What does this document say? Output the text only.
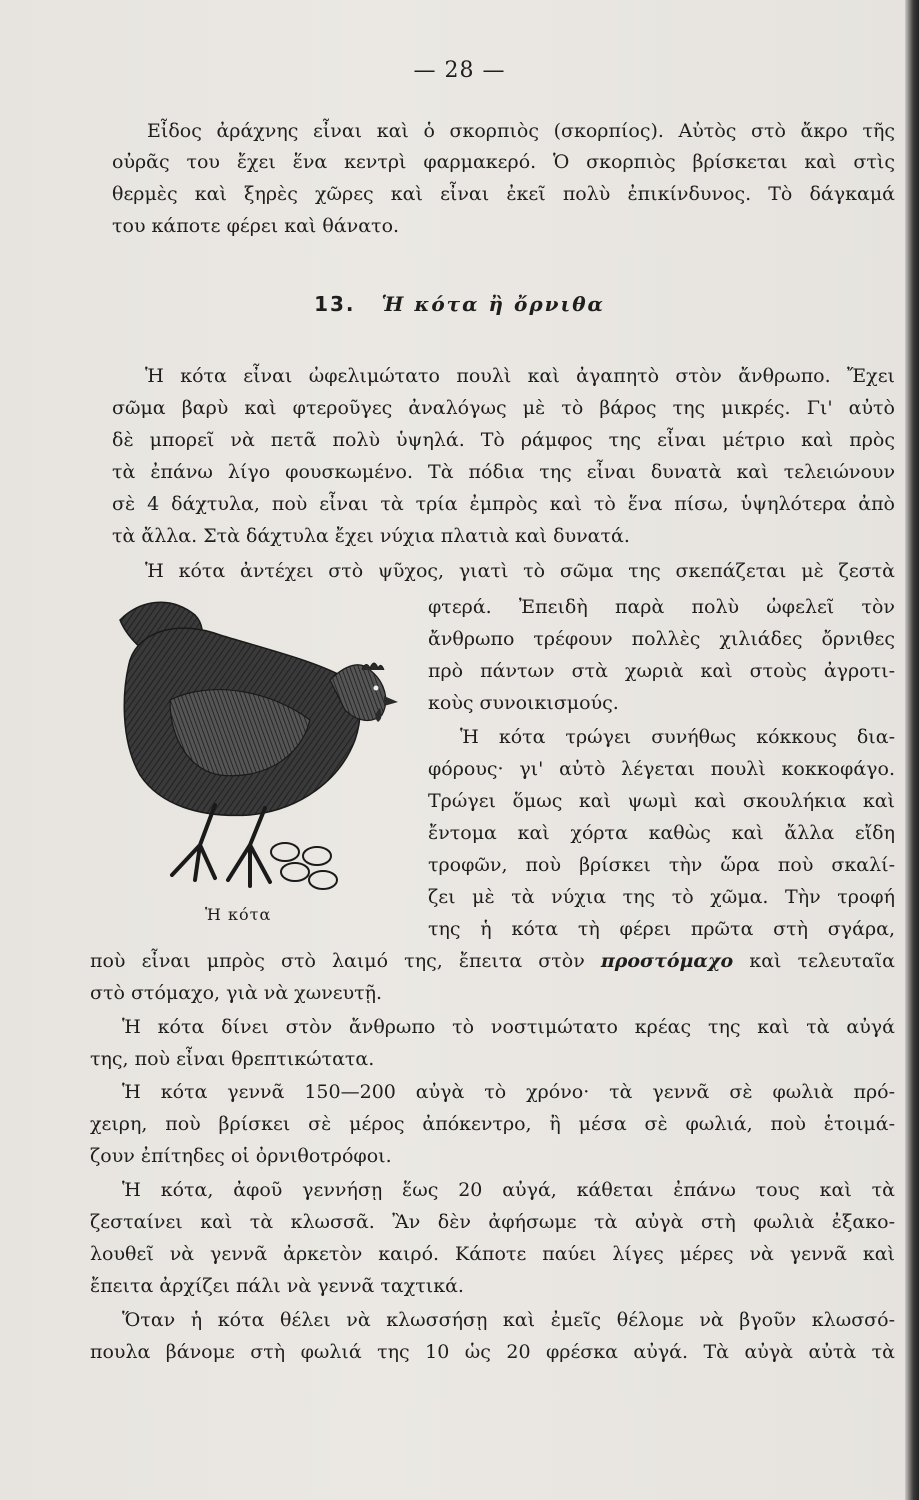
— 28 —
Εἶδος ἀράχνης εἶναι καὶ ὁ σκορπιὸς (σκορπίος). Αὐτὸς στὸ ἄκρο τῆς
οὐρᾶς του ἔχει ἕνα κεντρὶ φαρμακερό. Ὁ σκορπιὸς βρίσκεται καὶ στὶς
θερμὲς καὶ ξηρὲς χῶρες καὶ εἶναι ἐκεῖ πολὺ ἐπικίνδυνος. Τὸ δάγκαμά
του κάποτε φέρει καὶ θάνατο.
13. Ἡ κότα ἢ ὄρνιθα
Ἡ κότα εἶναι ὠφελιμώτατο πουλὶ καὶ ἀγαπητὸ στὸν ἄνθρωπο. Ἔχει
σῶμα βαρὺ καὶ φτεροῦγες ἀναλόγως μὲ τὸ βάρος της μικρές. Γι' αὐτὸ
δὲ μπορεῖ νὰ πετᾶ πολὺ ὑψηλά. Τὸ ράμφος της εἶναι μέτριο καὶ πρὸς
τὰ ἐπάνω λίγο φουσκωμένο. Τὰ πόδια της εἶναι δυνατὰ καὶ τελειώνουν
σὲ 4 δάχτυλα, ποὺ εἶναι τὰ τρία ἐμπρὸς καὶ τὸ ἕνα πίσω, ὑψηλότερα ἀπὸ
τὰ ἄλλα. Στὰ δάχτυλα ἔχει νύχια πλατιὰ καὶ δυνατά.
Ἡ κότα ἀντέχει στὸ ψῦχος, γιατὶ τὸ σῶμα της σκεπάζεται μὲ ζεστὰ
φτερά. Ἐπειδὴ παρὰ πολὺ ὠφελεῖ τὸν
ἄνθρωπο τρέφουν πολλὲς χιλιάδες ὄρνιθες
πρὸ πάντων στὰ χωριὰ καὶ στοὺς ἀγροτι-
κοὺς συνοικισμούς.
Ἡ κότα τρώγει συνήθως κόκκους δια-
φόρους· γι' αὐτὸ λέγεται πουλὶ κοκκοφάγο.
Τρώγει ὅμως καὶ ψωμὶ καὶ σκουλήκια καὶ
ἔντομα καὶ χόρτα καθὼς καὶ ἄλλα εἴδη
τροφῶν, ποὺ βρίσκει τὴν ὥρα ποὺ σκαλί-
ζει μὲ τὰ νύχια της τὸ χῶμα. Τὴν τροφή
της ἡ κότα τὴ φέρει πρῶτα στὴ σγάρα,
Ἡ κότα
ποὺ εἶναι μπρὸς στὸ λαιμό της, ἔπειτα στὸν προστόμαχο καὶ τελευταῖα
στὸ στόμαχο, γιὰ νὰ χωνευτῇ.
Ἡ κότα δίνει στὸν ἄνθρωπο τὸ νοστιμώτατο κρέας της καὶ τὰ αὐγά
της, ποὺ εἶναι θρεπτικώτατα.
Ἡ κότα γεννᾶ 150—200 αὐγὰ τὸ χρόνο· τὰ γεννᾶ σὲ φωλιὰ πρό-
χειρη, ποὺ βρίσκει σὲ μέρος ἀπόκεντρο, ἢ μέσα σὲ φωλιά, ποὺ ἑτοιμά-
ζουν ἐπίτηδες οἱ ὀρνιθοτρόφοι.
Ἡ κότα, ἀφοῦ γεννήσῃ ἕως 20 αὐγά, κάθεται ἐπάνω τους καὶ τὰ
ζεσταίνει καὶ τὰ κλωσσᾶ. Ἂν δὲν ἀφήσωμε τὰ αὐγὰ στὴ φωλιὰ ἐξακο-
λουθεῖ νὰ γεννᾶ ἀρκετὸν καιρό. Κάποτε παύει λίγες μέρες νὰ γεννᾶ καὶ
ἔπειτα ἀρχίζει πάλι νὰ γεννᾶ ταχτικά.
Ὅταν ἡ κότα θέλει νὰ κλωσσήσῃ καὶ ἐμεῖς θέλομε νὰ βγοῦν κλωσσό-
πουλα βάνομε στὴ φωλιά της 10 ὡς 20 φρέσκα αὐγά. Τὰ αὐγὰ αὐτὰ τὰ
